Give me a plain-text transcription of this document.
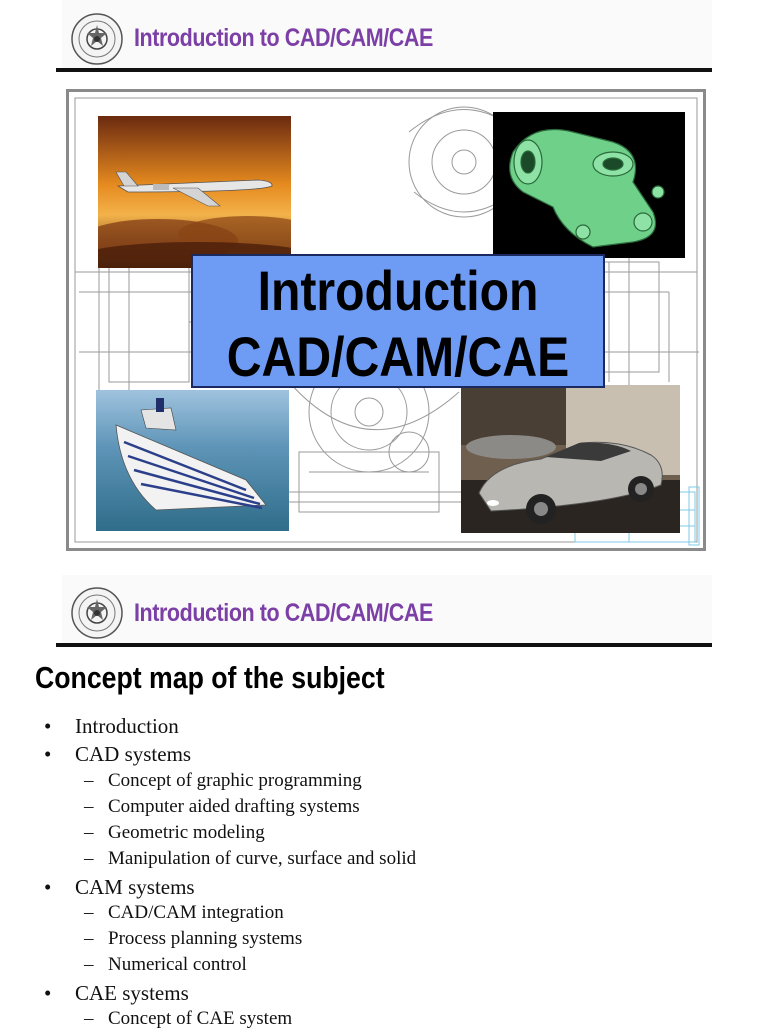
Introduction to CAD/CAM/CAE
Introduction
CAD/CAM/CAE
Introduction to CAD/CAM/CAE
Concept map of the subject
• Introduction
• CAD systems
– Concept of graphic programming
– Computer aided drafting systems
– Geometric modeling
– Manipulation of curve, surface and solid
• CAM systems
– CAD/CAM integration
– Process planning systems
– Numerical control
• CAE systems
– Concept of CAE system
